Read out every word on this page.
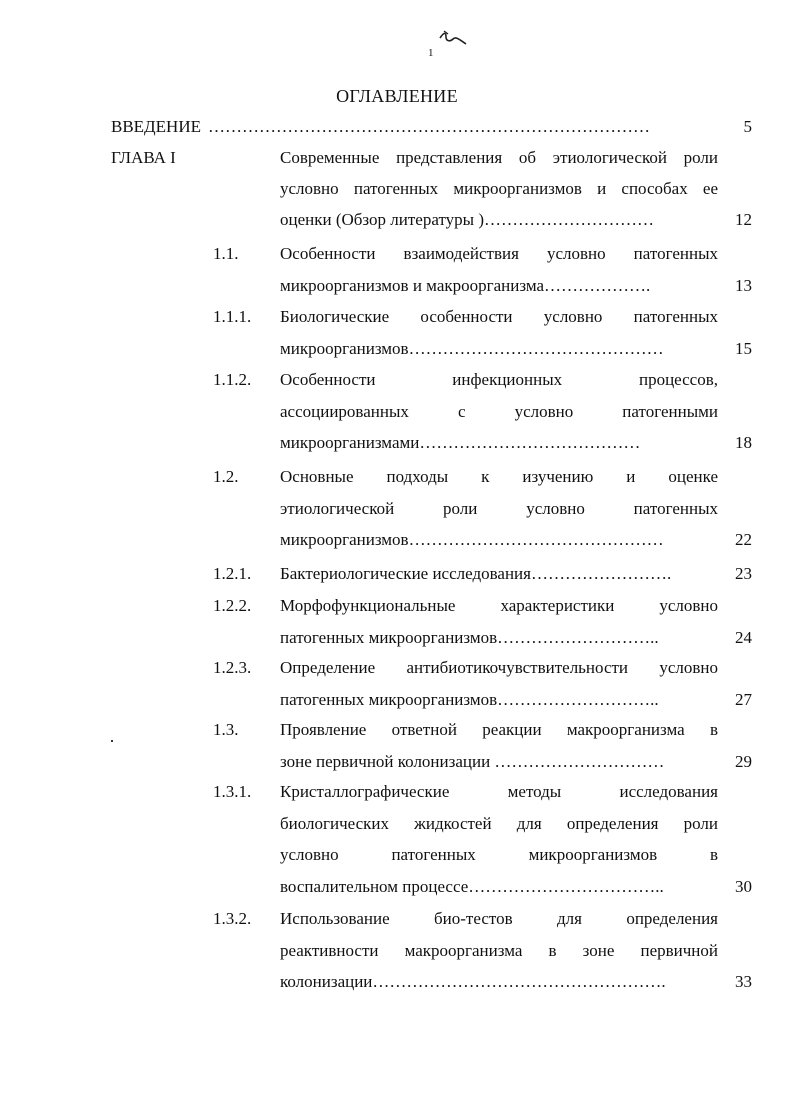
1
ОГЛАВЛЕНИЕ
ВВЕДЕНИЕ ……………………………………………………………………	5
ГЛАВА I	Современные представления об этиологической роли
условно патогенных микроорганизмов и способах ее
оценки (Обзор литературы )…………………………	12
1.1. Особенности взаимодействия условно патогенных
микроорганизмов и макроорганизма……………….	13
1.1.1. Биологические особенности условно патогенных
микроорганизмов………………………………………	15
1.1.2. Особенности инфекционных процессов,
ассоциированных с условно патогенными
микроорганизмами…………………………………	18
1.2. Основные подходы к изучению и оценке
этиологической роли условно патогенных
микроорганизмов………………………………………	22
1.2.1. Бактериологические исследования…………………….	23
1.2.2. Морфофункциональные характеристики условно
патогенных микроорганизмов………………………..	24
1.2.3. Определение антибиотикочувствительности условно
патогенных микроорганизмов………………………..	27
1.3. Проявление ответной реакции макроорганизма в
зоне первичной колонизации …………………………	29
1.3.1. Кристаллографические методы исследования
биологических жидкостей для определения роли
условно патогенных микроорганизмов в
воспалительном процессе……………………………..	30
1.3.2. Использование био-тестов для определения
реактивности макроорганизма в зоне первичной
колонизации…………………………………………….	33
